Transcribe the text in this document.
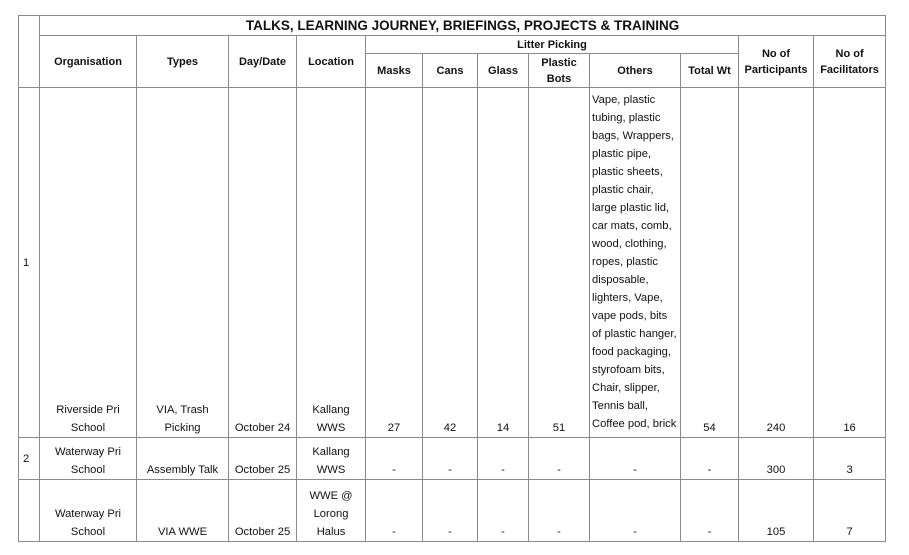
	TALKS, LEARNING JOURNEY, BRIEFINGS, PROJECTS & TRAINING											
	Organisation	Types	Day/Date	Location	Litter Picking						No of Participants	No of Facilitators
					Masks	Cans	Glass	Plastic Bots	Others	Total Wt		
1	Riverside Pri School	VIA, Trash Picking	October 24	Kallang WWS	27	42	14	51	Vape, plastic tubing, plastic bags, Wrappers, plastic pipe, plastic sheets, plastic chair, large plastic lid, car mats, comb, wood, clothing, ropes, plastic disposable, lighters, Vape, vape pods, bits of plastic hanger, food packaging, styrofoam bits, Chair, slipper, Tennis ball, Coffee pod, brick	54	240	16
2	Waterway Pri School	Assembly Talk	October 25	Kallang WWS	-	-	-	-	-	-	300	3
	Waterway Pri School	VIA WWE	October 25	WWE @ Lorong Halus	-	-	-	-	-	-	105	7
